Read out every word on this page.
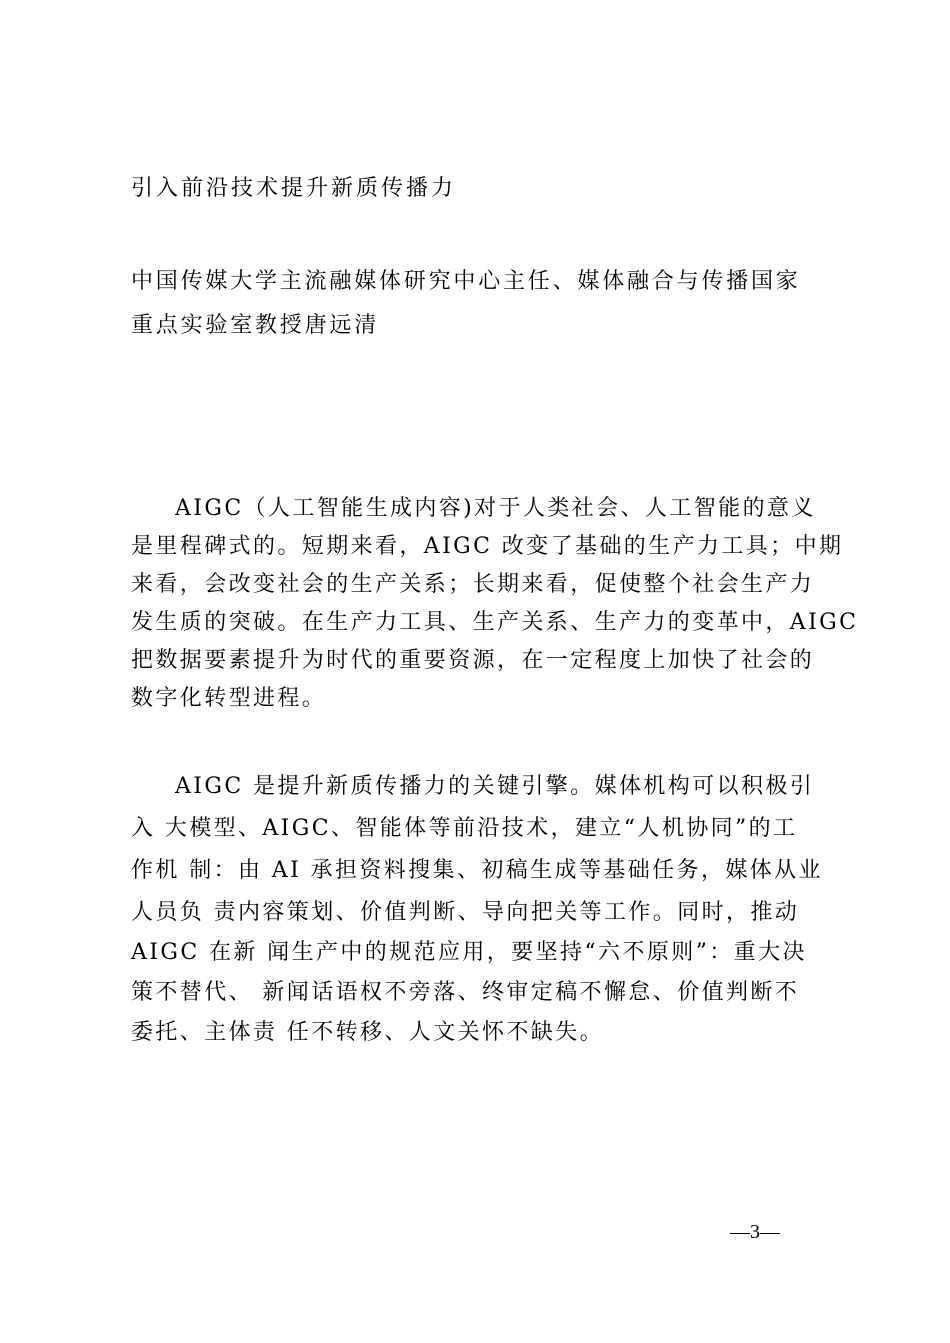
引入前沿技术提升新质传播力

中国传媒大学主流融媒体研究中心主任、媒体融合与传播国家

重点实验室教授唐远清

AIGC（人工智能生成内容)对于人类社会、人工智能的意义

是里程碑式的。短期来看，AIGC 改变了基础的生产力工具；中期

来看，会改变社会的生产关系；长期来看，促使整个社会生产力

发生质的突破。在生产力工具、生产关系、生产力的变革中，AIGC

把数据要素提升为时代的重要资源，在一定程度上加快了社会的

数字化转型进程。

AIGC 是提升新质传播力的关键引擎。媒体机构可以积极引

入 大模型、AIGC、智能体等前沿技术，建立“人机协同”的工

作机 制：由 AI 承担资料搜集、初稿生成等基础任务，媒体从业

人员负 责内容策划、价值判断、导向把关等工作。同时，推动

AIGC 在新 闻生产中的规范应用，要坚持“六不原则”：重大决

策不替代、 新闻话语权不旁落、终审定稿不懈怠、价值判断不

委托、主体责 任不转移、人文关怀不缺失。

—3—
